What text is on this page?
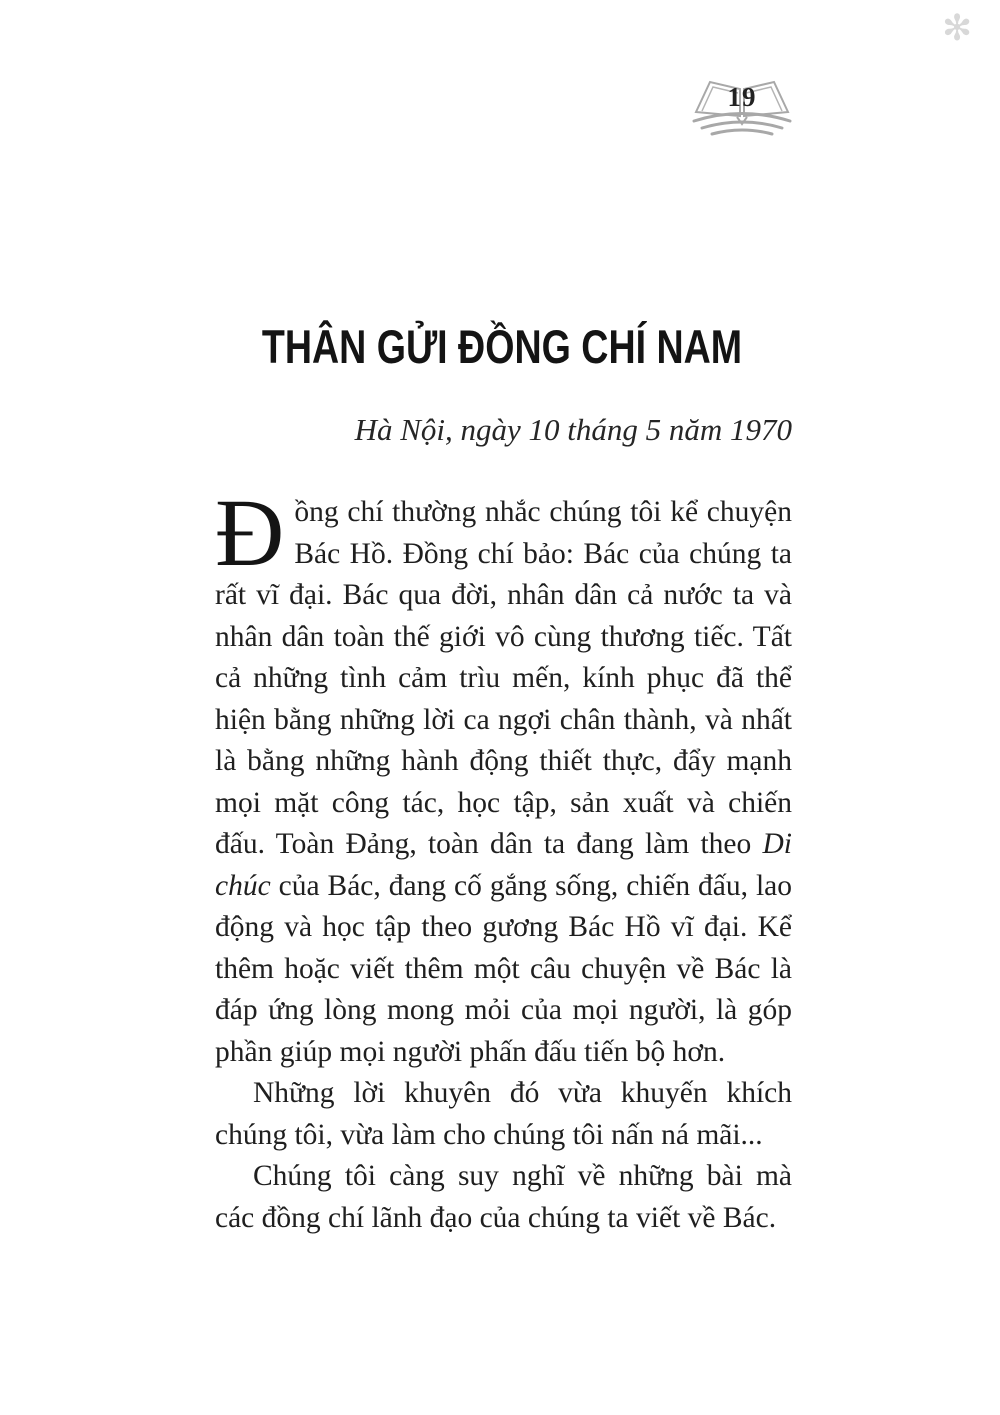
✻
19
THÂN GỬI ĐỒNG CHÍ NAM
Hà Nội, ngày 10 tháng 5 năm 1970

Đồng chí thường nhắc chúng tôi kể chuyện Bác Hồ. Đồng chí bảo: Bác của chúng ta rất vĩ đại. Bác qua đời, nhân dân cả nước ta và nhân dân toàn thế giới vô cùng thương tiếc. Tất cả những tình cảm trìu mến, kính phục đã thể hiện bằng những lời ca ngợi chân thành, và nhất là bằng những hành động thiết thực, đẩy mạnh mọi mặt công tác, học tập, sản xuất và chiến đấu. Toàn Đảng, toàn dân ta đang làm theo Di chúc của Bác, đang cố gắng sống, chiến đấu, lao động và học tập theo gương Bác Hồ vĩ đại. Kể thêm hoặc viết thêm một câu chuyện về Bác là đáp ứng lòng mong mỏi của mọi người, là góp phần giúp mọi người phấn đấu tiến bộ hơn.

Những lời khuyên đó vừa khuyến khích chúng tôi, vừa làm cho chúng tôi nấn ná mãi...

Chúng tôi càng suy nghĩ về những bài mà các đồng chí lãnh đạo của chúng ta viết về Bác.
